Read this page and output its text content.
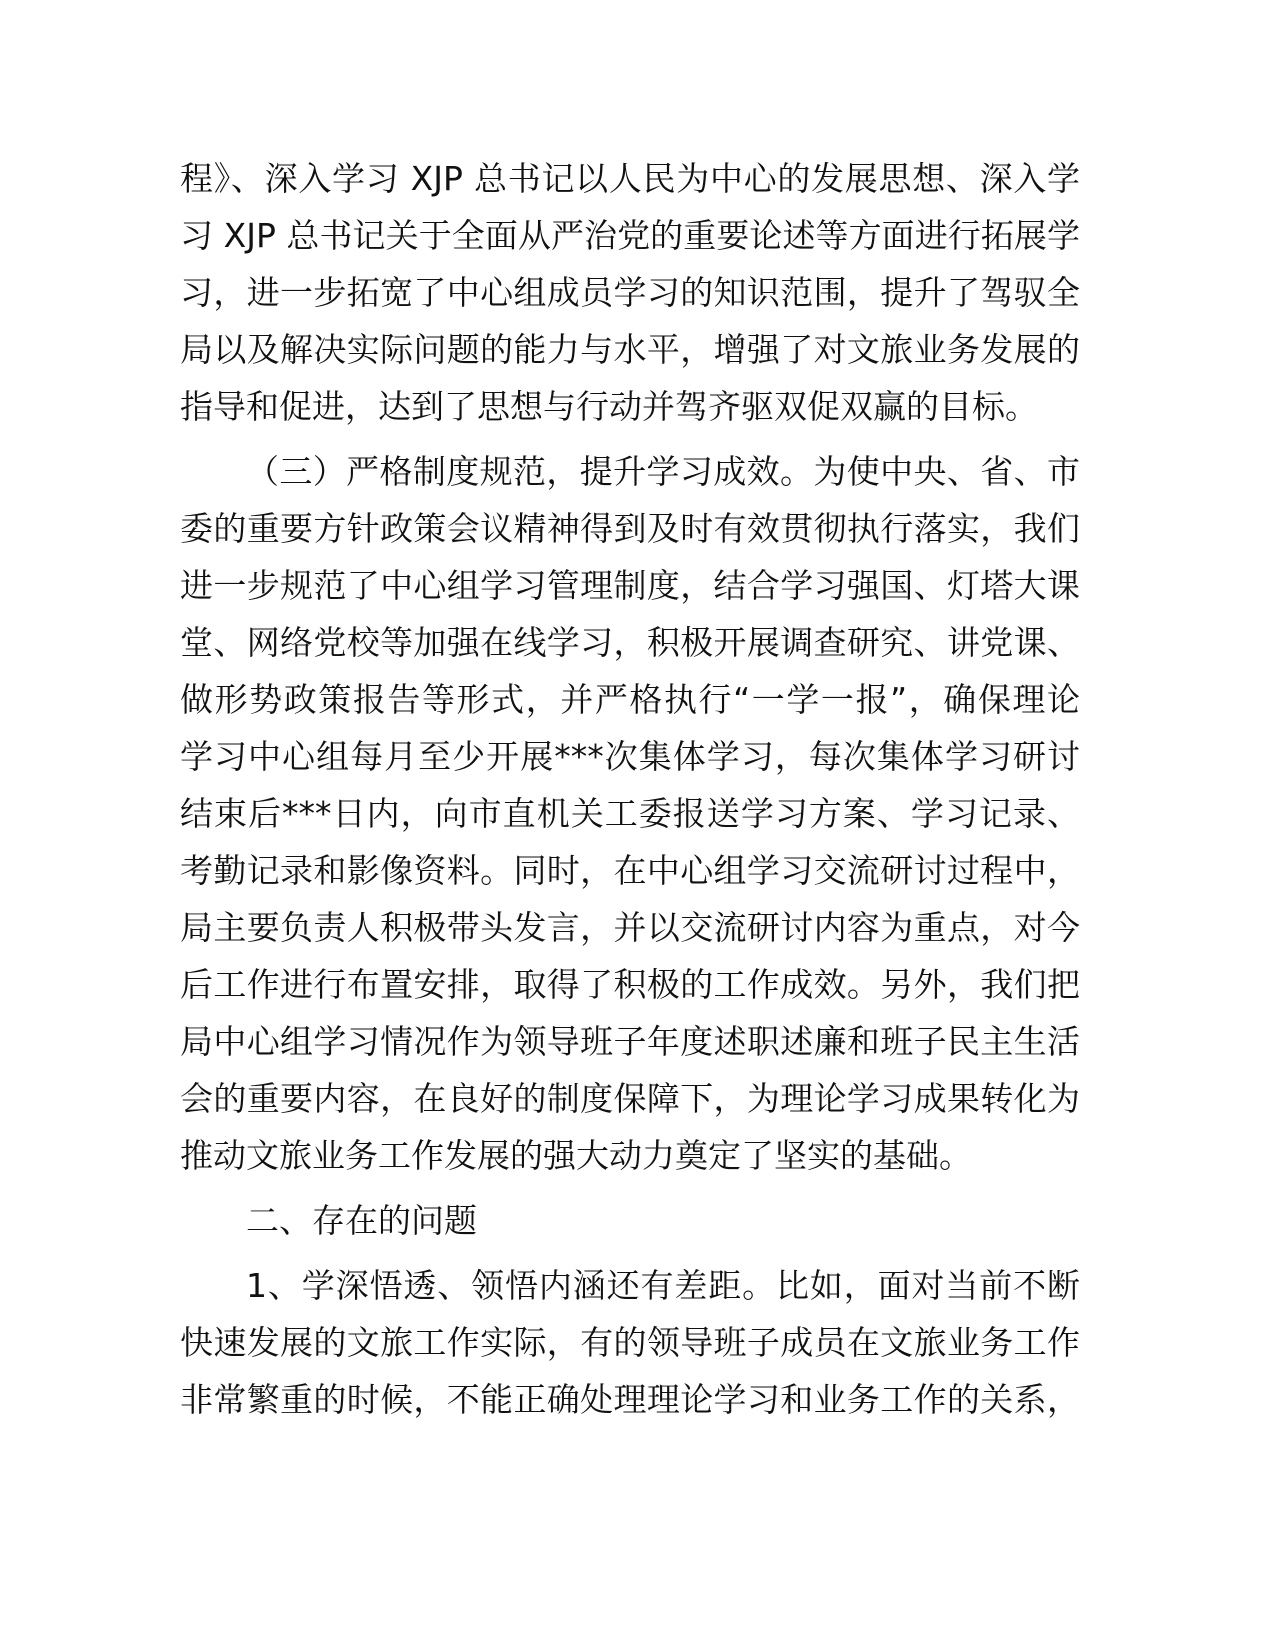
程》、深入学习 XJP 总书记以人民为中心的发展思想、深入学
习 XJP 总书记关于全面从严治党的重要论述等方面进行拓展学
习，进一步拓宽了中心组成员学习的知识范围，提升了驾驭全
局以及解决实际问题的能力与水平，增强了对文旅业务发展的
指导和促进，达到了思想与行动并驾齐驱双促双赢的目标。
（三）严格制度规范，提升学习成效。为使中央、省、市
委的重要方针政策会议精神得到及时有效贯彻执行落实，我们
进一步规范了中心组学习管理制度，结合学习强国、灯塔大课
堂、网络党校等加强在线学习，积极开展调查研究、讲党课、
做形势政策报告等形式，并严格执行“一学一报”，确保理论
学习中心组每月至少开展***次集体学习，每次集体学习研讨
结束后***日内，向市直机关工委报送学习方案、学习记录、
考勤记录和影像资料。同时，在中心组学习交流研讨过程中，
局主要负责人积极带头发言，并以交流研讨内容为重点，对今
后工作进行布置安排，取得了积极的工作成效。另外，我们把
局中心组学习情况作为领导班子年度述职述廉和班子民主生活
会的重要内容，在良好的制度保障下，为理论学习成果转化为
推动文旅业务工作发展的强大动力奠定了坚实的基础。
二、存在的问题
1、学深悟透、领悟内涵还有差距。比如，面对当前不断
快速发展的文旅工作实际，有的领导班子成员在文旅业务工作
非常繁重的时候，不能正确处理理论学习和业务工作的关系，
